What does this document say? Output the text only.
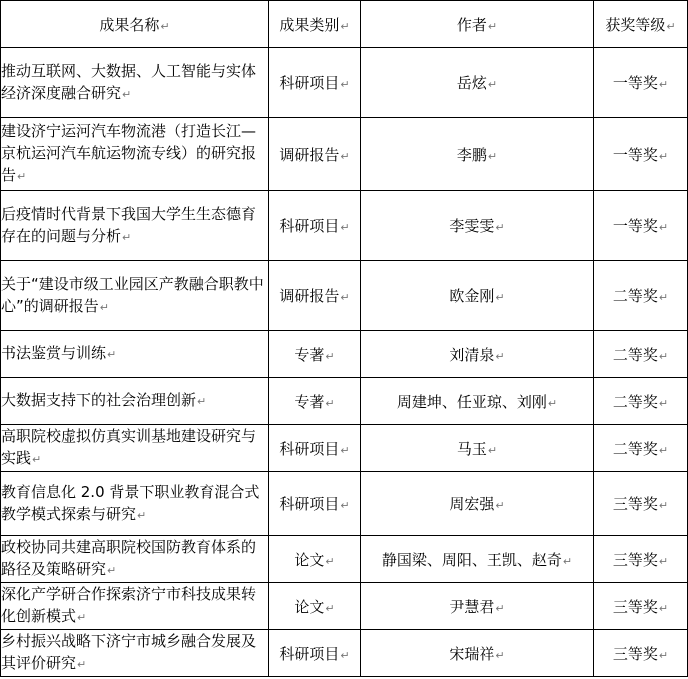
成果名称↵	成果类别↵	作者↵	获奖等级↵
推动互联网、大数据、人工智能与实体经济深度融合研究↵	科研项目↵	岳炫↵	一等奖↵
建设济宁运河汽车物流港（打造长江—京杭运河汽车航运物流专线）的研究报告↵	调研报告↵	李鹏↵	一等奖↵
后疫情时代背景下我国大学生生态德育存在的问题与分析↵	科研项目↵	李雯雯↵	一等奖↵
关于“建设市级工业园区产教融合职教中心”的调研报告↵	调研报告↵	欧金刚↵	二等奖↵
书法鉴赏与训练↵	专著↵	刘清泉↵	二等奖↵
大数据支持下的社会治理创新↵	专著↵	周建坤、任亚琼、刘刚↵	二等奖↵
高职院校虚拟仿真实训基地建设研究与实践↵	科研项目↵	马玉↵	二等奖↵
教育信息化 2.0 背景下职业教育混合式教学模式探索与研究↵	科研项目↵	周宏强↵	三等奖↵
政校协同共建高职院校国防教育体系的路径及策略研究↵	论文↵	静国梁、周阳、王凯、赵奇↵	三等奖↵
深化产学研合作探索济宁市科技成果转化创新模式↵	论文↵	尹慧君↵	三等奖↵
乡村振兴战略下济宁市城乡融合发展及其评价研究↵	科研项目↵	宋瑞祥↵	三等奖↵
